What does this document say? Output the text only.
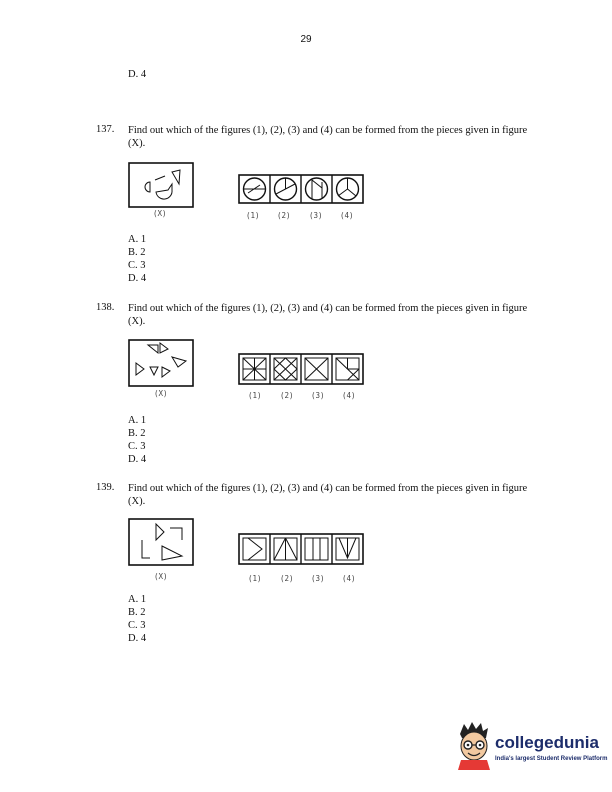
29
D. 4
137. Find out which of the figures (1), (2), (3) and (4) can be formed from the pieces given in figure (X).
(X)	(1) (2) (3) (4)
A. 1
B. 2
C. 3
D. 4
138. Find out which of the figures (1), (2), (3) and (4) can be formed from the pieces given in figure (X).
(X)	(1) (2) (3) (4)
A. 1
B. 2
C. 3
D. 4
139. Find out which of the figures (1), (2), (3) and (4) can be formed from the pieces given in figure (X).
(X)	(1) (2) (3) (4)
A. 1
B. 2
C. 3
D. 4
collegedunia
India's largest Student Review Platform
